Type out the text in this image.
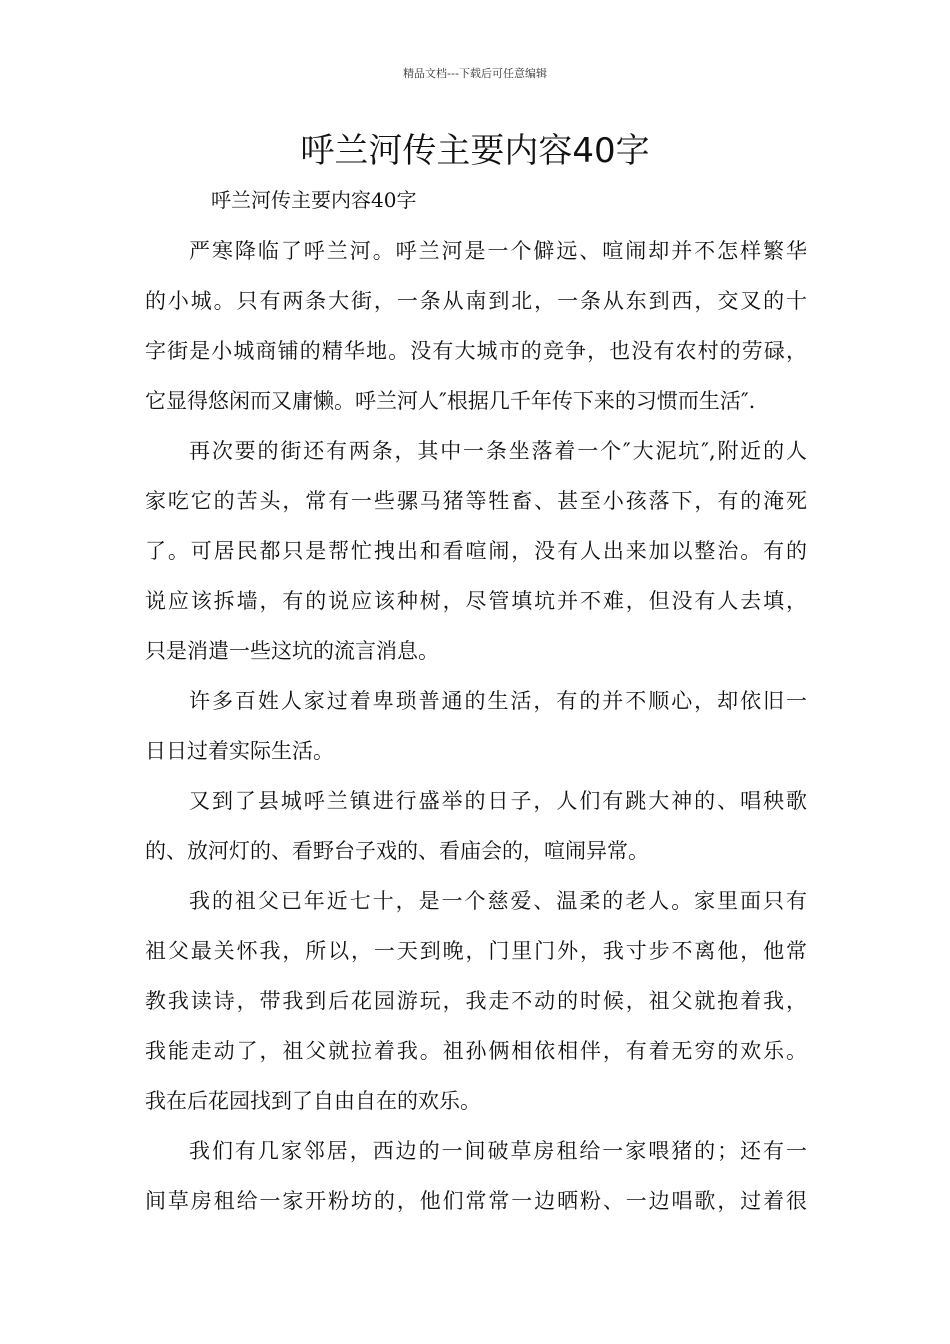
精品文档---下载后可任意编辑
呼兰河传主要内容40字
呼兰河传主要内容40字
严寒降临了呼兰河。呼兰河是一个僻远、喧闹却并不怎样繁华
的小城。只有两条大街，一条从南到北，一条从东到西，交叉的十
字街是小城商铺的精华地。没有大城市的竞争，也没有农村的劳碌，
它显得悠闲而又庸懒。呼兰河人″根据几千年传下来的习惯而生活″.
再次要的街还有两条，其中一条坐落着一个″大泥坑″,附近的人
家吃它的苦头，常有一些骡马猪等牲畜、甚至小孩落下，有的淹死
了。可居民都只是帮忙拽出和看喧闹，没有人出来加以整治。有的
说应该拆墙，有的说应该种树，尽管填坑并不难，但没有人去填，
只是消遣一些这坑的流言消息。
许多百姓人家过着卑琐普通的生活，有的并不顺心，却依旧一
日日过着实际生活。
又到了县城呼兰镇进行盛举的日子，人们有跳大神的、唱秧歌
的、放河灯的、看野台子戏的、看庙会的，喧闹异常。
我的祖父已年近七十，是一个慈爱、温柔的老人。家里面只有
祖父最关怀我，所以，一天到晚，门里门外，我寸步不离他，他常
教我读诗，带我到后花园游玩，我走不动的时候，祖父就抱着我，
我能走动了，祖父就拉着我。祖孙俩相依相伴，有着无穷的欢乐。
我在后花园找到了自由自在的欢乐。
我们有几家邻居，西边的一间破草房租给一家喂猪的；还有一
间草房租给一家开粉坊的，他们常常一边晒粉、一边唱歌，过着很
